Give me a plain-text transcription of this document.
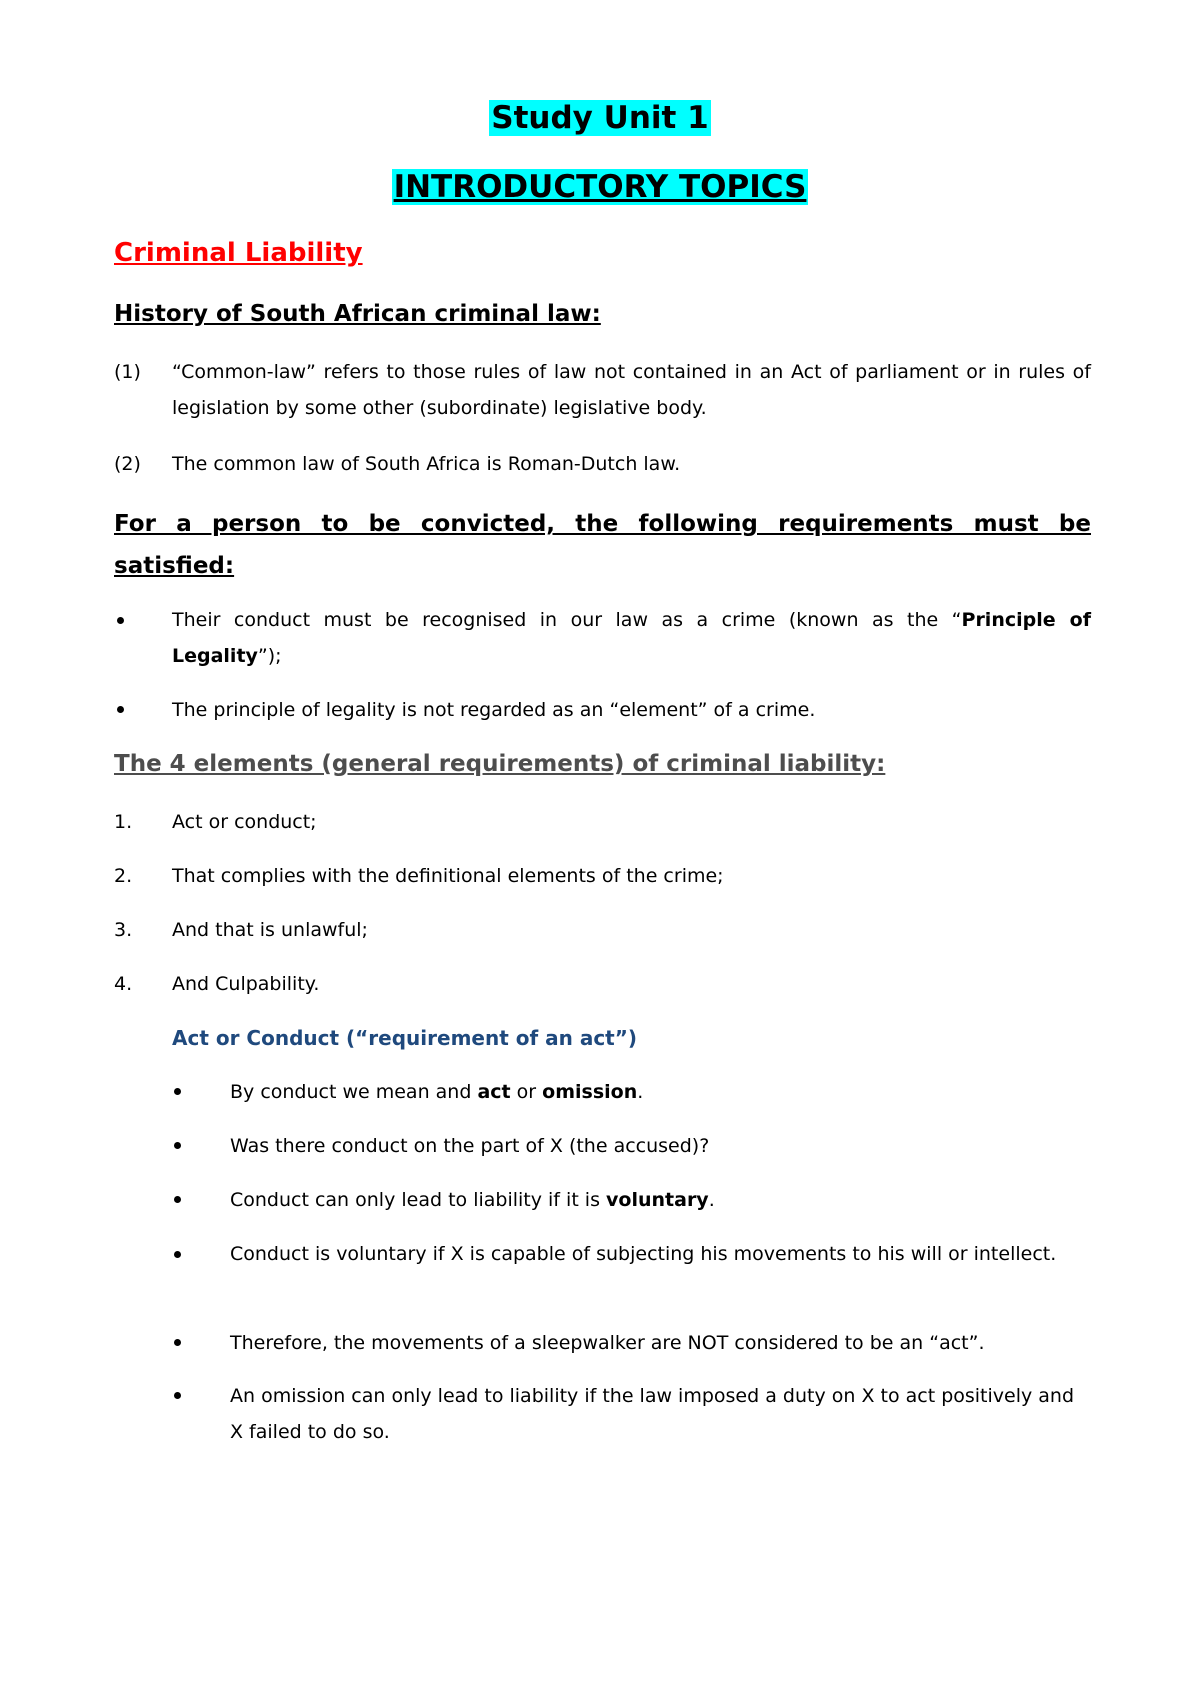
Study Unit 1
INTRODUCTORY TOPICS
Criminal Liability
History of South African criminal law:
(1) “Common-law” refers to those rules of law not contained in an Act of parliament or in rules of legislation by some other (subordinate) legislative body.
(2) The common law of South Africa is Roman-Dutch law.
For a person to be convicted, the following requirements must be satisfied:
Their conduct must be recognised in our law as a crime (known as the “Principle of Legality”);
The principle of legality is not regarded as an “element” of a crime.
The 4 elements (general requirements) of criminal liability:
1. Act or conduct;
2. That complies with the definitional elements of the crime;
3. And that is unlawful;
4. And Culpability.
Act or Conduct (“requirement of an act”)
By conduct we mean and act or omission.
Was there conduct on the part of X (the accused)?
Conduct can only lead to liability if it is voluntary.
Conduct is voluntary if X is capable of subjecting his movements to his will or intellect.
Therefore, the movements of a sleepwalker are NOT considered to be an “act”.
An omission can only lead to liability if the law imposed a duty on X to act positively and X failed to do so.
